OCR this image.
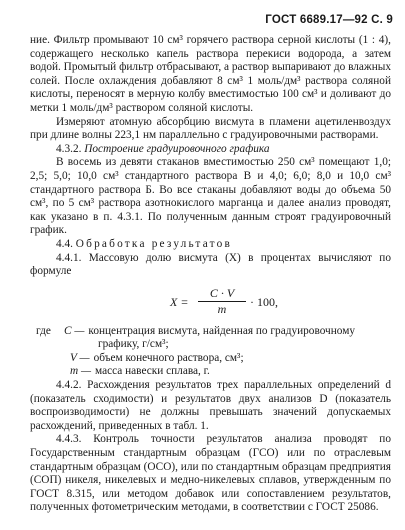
ГОСТ 6689.17—92 С. 9

ние. Фильтр промывают 10 см³ горячего раствора серной кислоты (1 : 4), содержащего несколько капель раствора перекиси водорода, а затем водой. Промытый фильтр отбрасывают, а раствор выпаривают до влажных солей. После охлаждения добавляют 8 см³ 1 моль/дм³ раствора соляной кислоты, переносят в мерную колбу вместимостью 100 см³ и доливают до метки 1 моль/дм³ раствором соляной кислоты.

Измеряют атомную абсорбцию висмута в пламени ацетиленвоздух при длине волны 223,1 нм параллельно с градуировочными растворами.

4.3.2. Построение градуировочного графика

В восемь из девяти стаканов вместимостью 250 см³ помещают 1,0; 2,5; 5,0; 10,0 см³ стандартного раствора В и 4,0; 6,0; 8,0 и 10,0 см³ стандартного раствора Б. Во все стаканы добавляют воды до объема 50 см³, по 5 см³ раствора азотнокислого марганца и далее анализ проводят, как указано в п. 4.3.1. По полученным данным строят градуировочный график.

4.4. Обработка результатов

4.4.1. Массовую долю висмута (X) в процентах вычисляют по формуле

$X = \frac{C \cdot V}{m} \cdot 100$,
где	C — концентрация висмута, найденная по градуировочному
графику, г/см³;
V — объем конечного раствора, см³;
m — масса навески сплава, г.

4.4.2. Расхождения результатов трех параллельных определений d (показатель сходимости) и результатов двух анализов D (показатель воспроизводимости) не должны превышать значений допускаемых расхождений, приведенных в табл. 1.

4.4.3. Контроль точности результатов анализа проводят по Государственным стандартным образцам (ГСО) или по отраслевым стандартным образцам (ОСО), или по стандартным образцам предприятия (СОП) никеля, никелевых и медно-никелевых сплавов, утвержденным по ГОСТ 8.315, или методом добавок или сопоставлением результатов, полученных фотометрическим методами, в соответствии с ГОСТ 25086.
